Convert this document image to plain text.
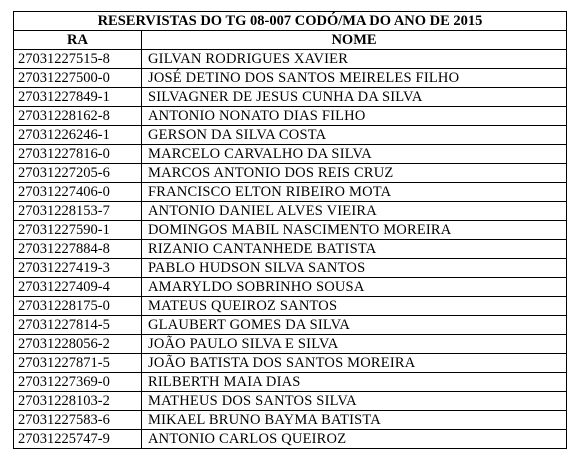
RESERVISTAS DO TG 08-007 CODÓ/MA DO ANO DE 2015	
RA	NOME
27031227515-8	GILVAN RODRIGUES XAVIER
27031227500-0	JOSÉ DETINO DOS SANTOS MEIRELES FILHO
27031227849-1	SILVAGNER DE JESUS CUNHA DA SILVA
27031228162-8	ANTONIO NONATO DIAS FILHO
27031226246-1	GERSON DA SILVA COSTA
27031227816-0	MARCELO CARVALHO DA SILVA
27031227205-6	MARCOS ANTONIO DOS REIS CRUZ
27031227406-0	FRANCISCO ELTON RIBEIRO MOTA
27031228153-7	ANTONIO DANIEL ALVES VIEIRA
27031227590-1	DOMINGOS MABIL NASCIMENTO MOREIRA
27031227884-8	RIZANIO CANTANHEDE BATISTA
27031227419-3	PABLO HUDSON SILVA SANTOS
27031227409-4	AMARYLDO SOBRINHO SOUSA
27031228175-0	MATEUS QUEIROZ SANTOS
27031227814-5	GLAUBERT GOMES DA SILVA
27031228056-2	JOÃO PAULO SILVA E SILVA
27031227871-5	JOÃO BATISTA DOS SANTOS MOREIRA
27031227369-0	RILBERTH MAIA DIAS
27031228103-2	MATHEUS DOS SANTOS SILVA
27031227583-6	MIKAEL BRUNO BAYMA BATISTA
27031225747-9	ANTONIO CARLOS QUEIROZ
